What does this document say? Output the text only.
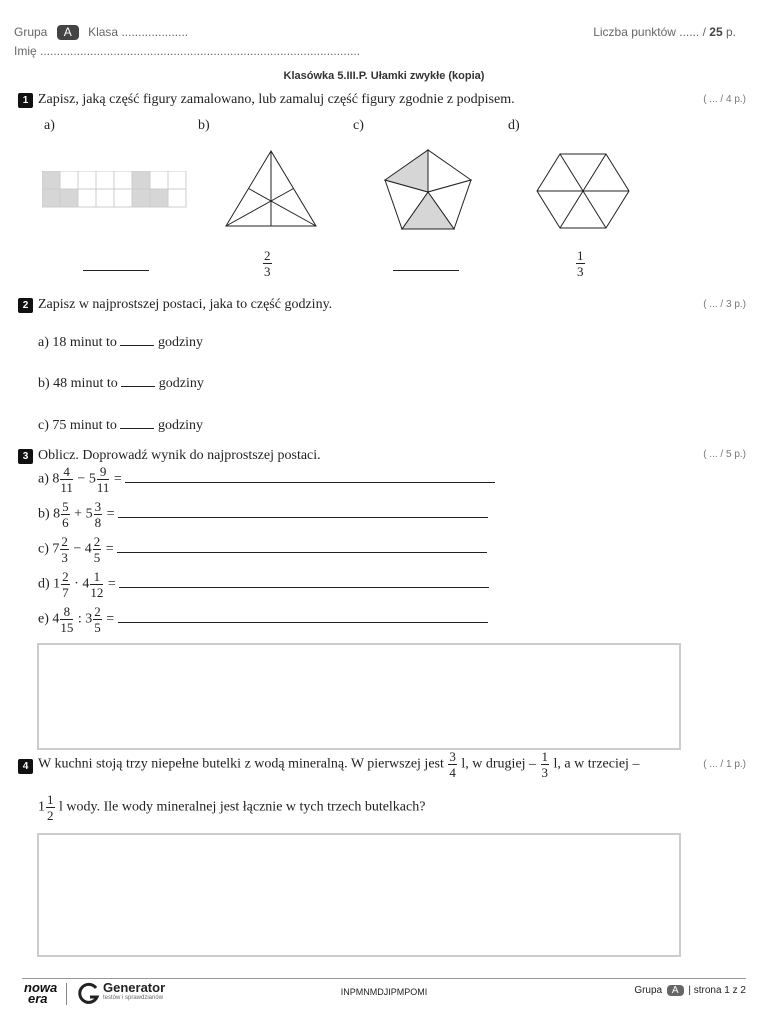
Grupa A Klasa ....................	Liczba punktów ...... / 25 p.
Imię ................................................................................................
Klasówka 5.III.P. Ułamki zwykłe (kopia)
1 Zapisz, jaką część figury zamalowano, lub zamaluj część figury zgodnie z podpisem.	( ... / 4 p.)
a)	b)	c)	d)
$\frac{2}{3}$	$\frac{1}{3}$
2 Zapisz w najprostszej postaci, jaka to część godziny.	( ... / 3 p.)
a) 18 minut to	godziny
b) 48 minut to	godziny
c) 75 minut to	godziny
3 Oblicz. Doprowadź wynik do najprostszej postaci.	( ... / 5 p.)
a) $8 \frac{4}{11} - 5 \frac{9}{11}$ =
b) $8 \frac{5}{6} + 5 \frac{3}{8}$ =
c) $7 \frac{2}{3} - 4 \frac{2}{5}$ =
d) $1 \frac{2}{7} \cdot 4 \frac{1}{12}$ =
e) $4 \frac{8}{15}$ : $3 \frac{2}{5}$ =
4	( ... / 1 p.)
W kuchni stoją trzy niepełne butelki z wodą mineralną. W pierwszej jest $\frac{3}{4} l$, w drugiej – $\frac{1}{3} l$, a w trzeciej –
$1 \frac{1}{2}$ l wody. Ile wody mineralnej jest łącznie w tych trzech butelkach?
nowa
era
Generator
testów i sprawdzianów
INPMNMDJIPMPOMI	Grupa A | strona 1 z 2
